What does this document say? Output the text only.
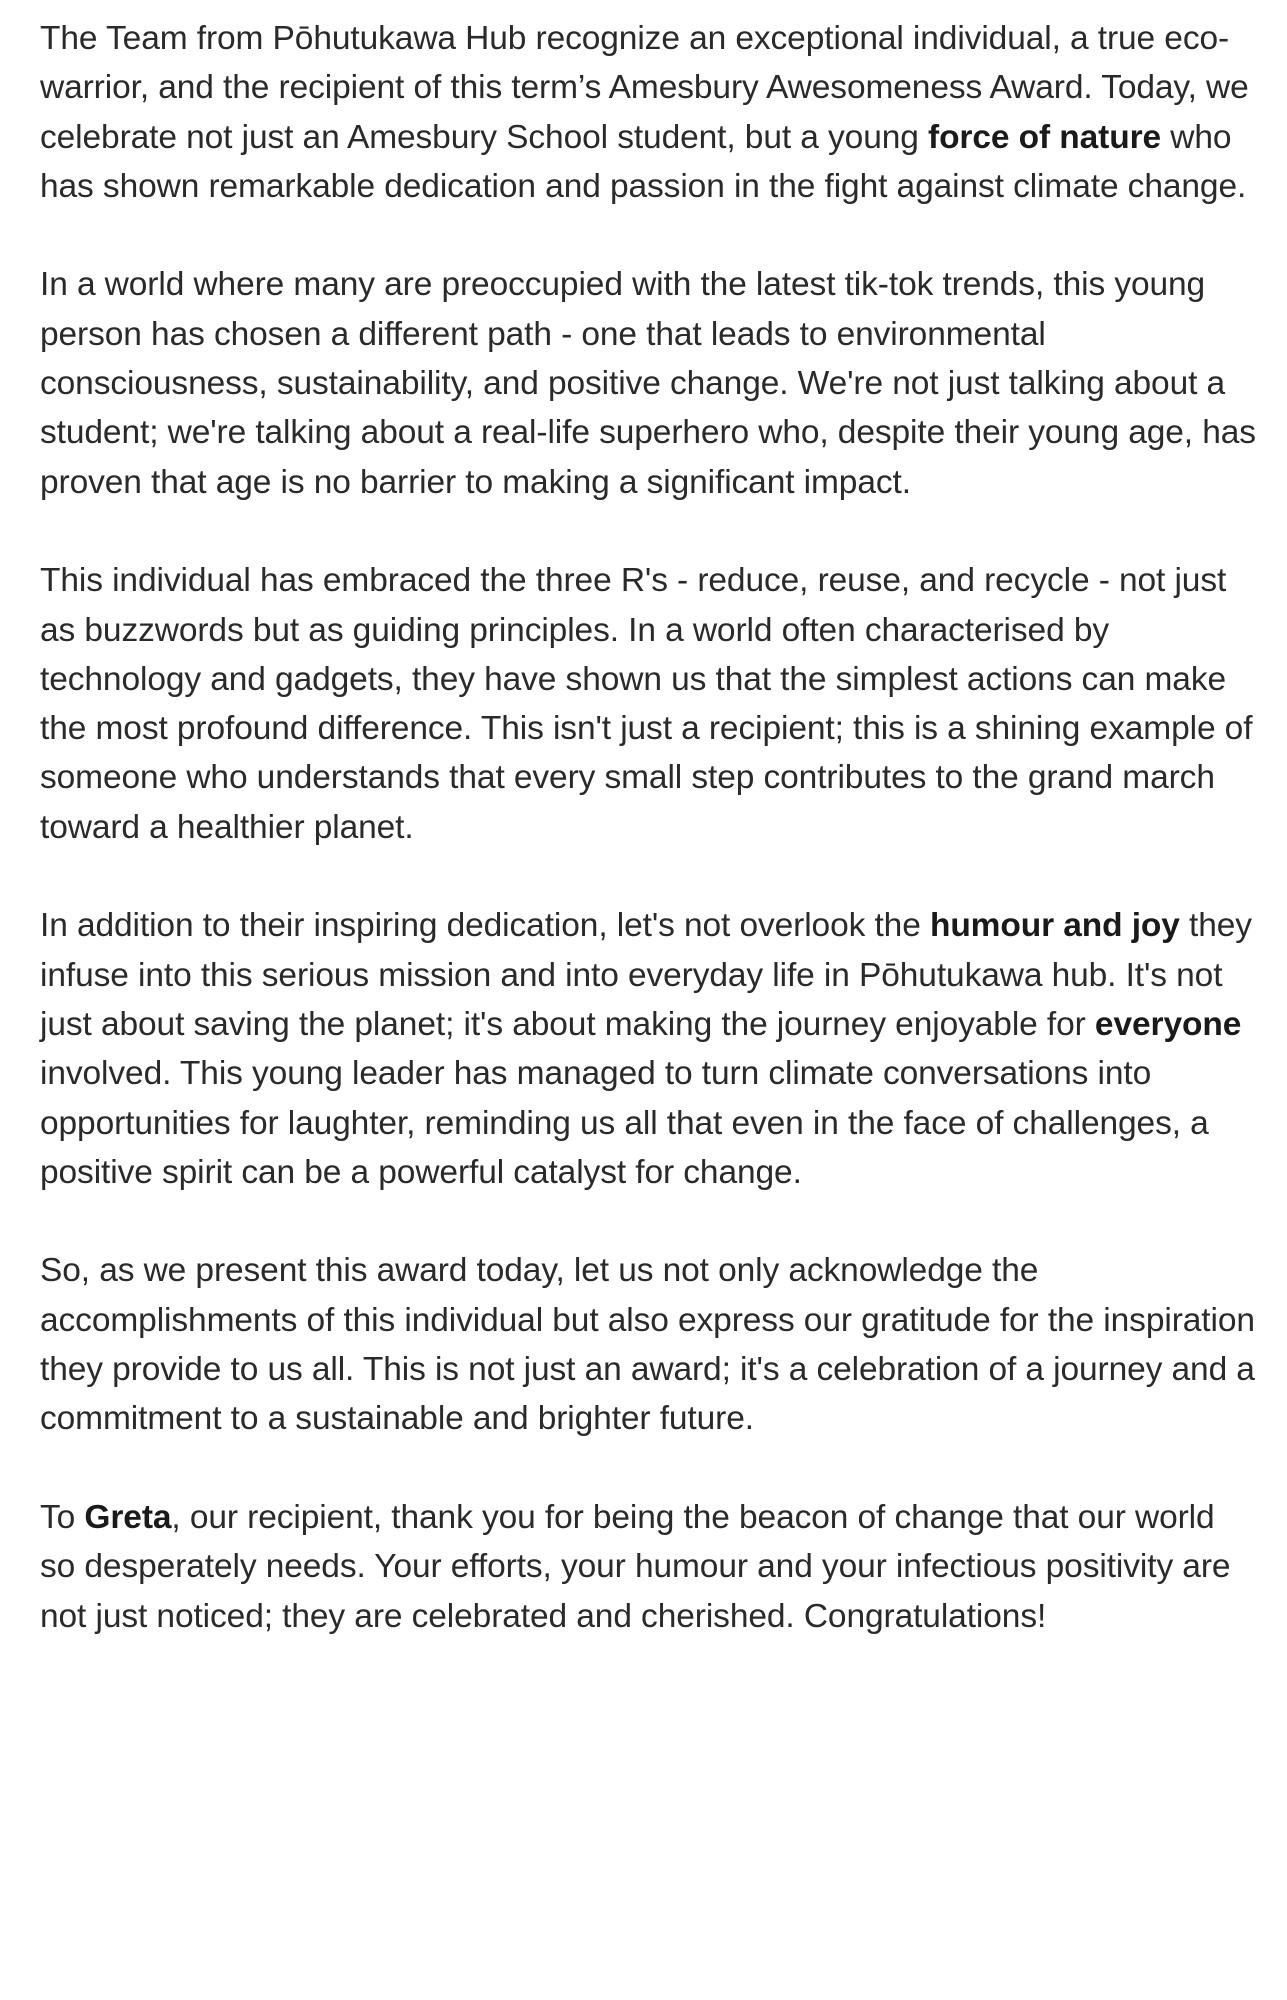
The Team from Pōhutukawa Hub recognize an exceptional individual, a true eco-warrior, and the recipient of this term’s Amesbury Awesomeness Award. Today, we celebrate not just an Amesbury School student, but a young force of nature who has shown remarkable dedication and passion in the fight against climate change.

In a world where many are preoccupied with the latest tik-tok trends, this young person has chosen a different path - one that leads to environmental consciousness, sustainability, and positive change. We're not just talking about a student; we're talking about a real-life superhero who, despite their young age, has proven that age is no barrier to making a significant impact.

This individual has embraced the three R's - reduce, reuse, and recycle - not just as buzzwords but as guiding principles. In a world often characterised by technology and gadgets, they have shown us that the simplest actions can make the most profound difference. This isn't just a recipient; this is a shining example of someone who understands that every small step contributes to the grand march toward a healthier planet.

In addition to their inspiring dedication, let's not overlook the humour and joy they infuse into this serious mission and into everyday life in Pōhutukawa hub. It's not just about saving the planet; it's about making the journey enjoyable for everyone involved. This young leader has managed to turn climate conversations into opportunities for laughter, reminding us all that even in the face of challenges, a positive spirit can be a powerful catalyst for change.

So, as we present this award today, let us not only acknowledge the accomplishments of this individual but also express our gratitude for the inspiration they provide to us all. This is not just an award; it's a celebration of a journey and a commitment to a sustainable and brighter future.

To Greta, our recipient, thank you for being the beacon of change that our world so desperately needs. Your efforts, your humour and your infectious positivity are not just noticed; they are celebrated and cherished. Congratulations!
